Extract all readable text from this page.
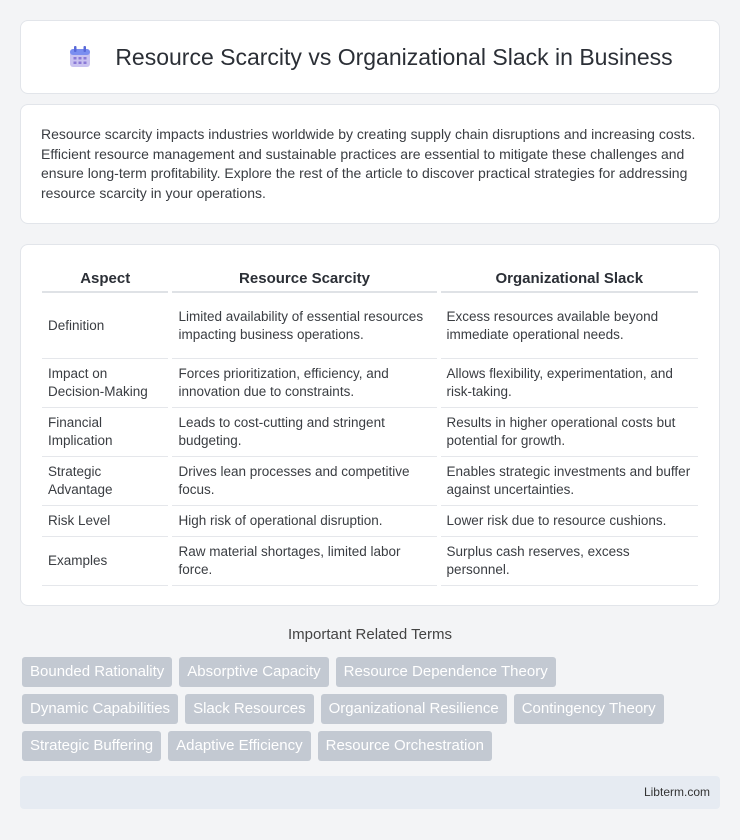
Resource Scarcity vs Organizational Slack in Business

Resource scarcity impacts industries worldwide by creating supply chain disruptions and increasing costs. Efficient resource management and sustainable practices are essential to mitigate these challenges and ensure long-term profitability. Explore the rest of the article to discover practical strategies for addressing resource scarcity in your operations.

Aspect	Resource Scarcity	Organizational Slack
Definition	Limited availability of essential resources impacting business operations.	Excess resources available beyond immediate operational needs.
Impact on Decision-Making	Forces prioritization, efficiency, and innovation due to constraints.	Allows flexibility, experimentation, and risk-taking.
Financial Implication	Leads to cost-cutting and stringent budgeting.	Results in higher operational costs but potential for growth.
Strategic Advantage	Drives lean processes and competitive focus.	Enables strategic investments and buffer against uncertainties.
Risk Level	High risk of operational disruption.	Lower risk due to resource cushions.
Examples	Raw material shortages, limited labor force.	Surplus cash reserves, excess personnel.
Important Related Terms
Bounded Rationality	Absorptive Capacity	Resource Dependence Theory
Dynamic Capabilities	Slack Resources	Organizational Resilience	Contingency Theory
Strategic Buffering	Adaptive Efficiency	Resource Orchestration
Libterm.com
